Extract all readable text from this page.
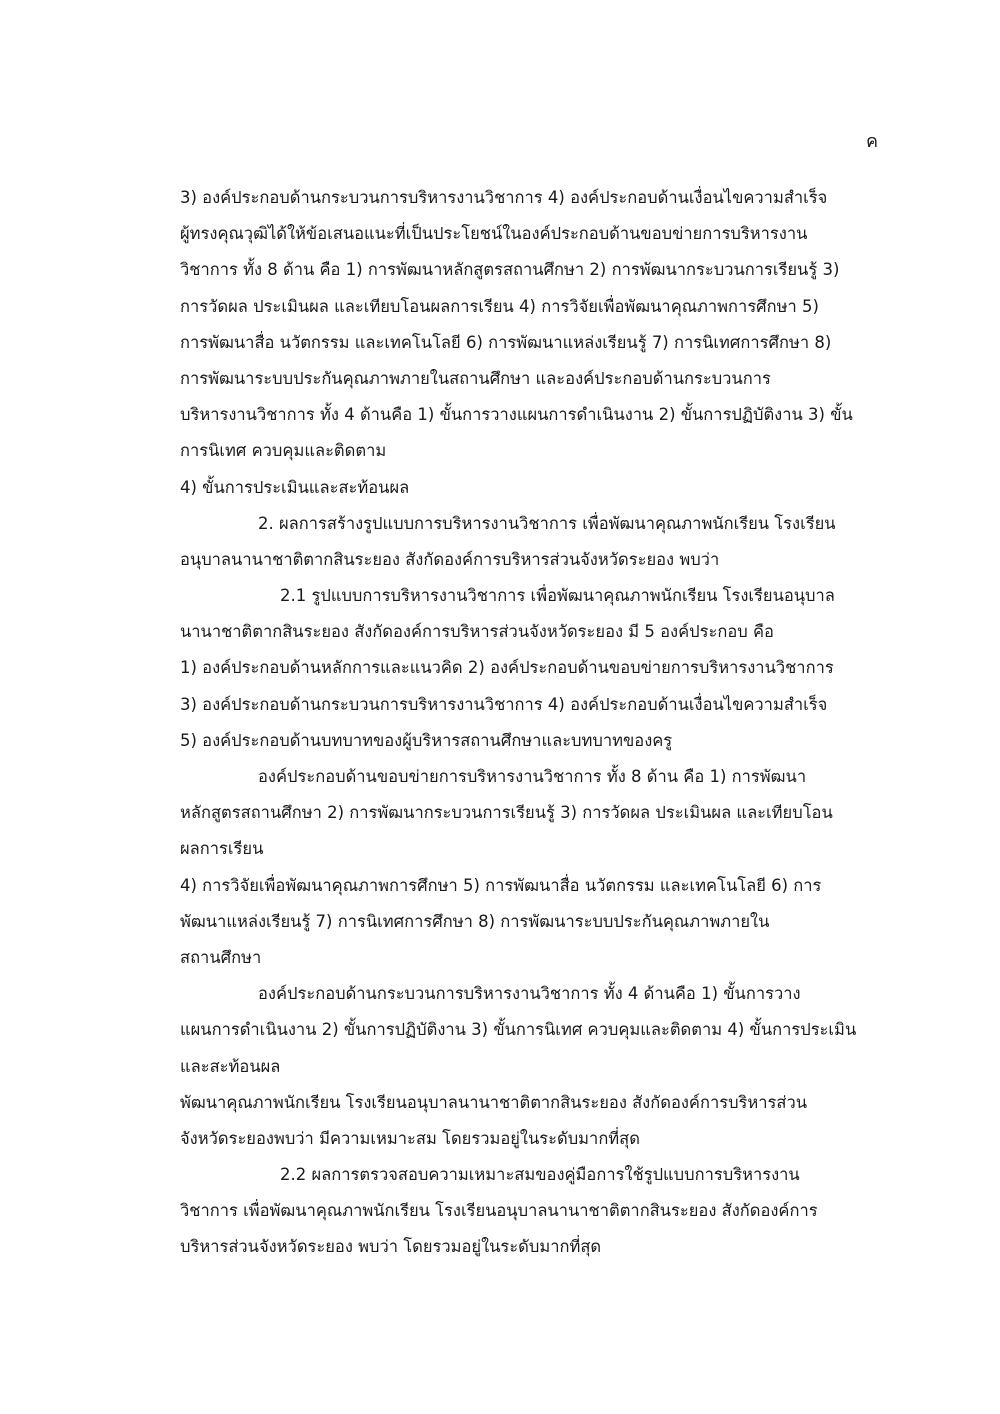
ค
3) องค์ประกอบด้านกระบวนการบริหารงานวิชาการ 4) องค์ประกอบด้านเงื่อนไขความสำเร็จ
ผู้ทรงคุณวุฒิได้ให้ข้อเสนอแนะที่เป็นประโยชน์ในองค์ประกอบด้านขอบข่ายการบริหารงาน
วิชาการ ทั้ง 8 ด้าน คือ 1) การพัฒนาหลักสูตรสถานศึกษา 2) การพัฒนากระบวนการเรียนรู้ 3)
การวัดผล ประเมินผล และเทียบโอนผลการเรียน 4) การวิจัยเพื่อพัฒนาคุณภาพการศึกษา 5)
การพัฒนาสื่อ นวัตกรรม และเทคโนโลยี 6) การพัฒนาแหล่งเรียนรู้ 7) การนิเทศการศึกษา 8)
การพัฒนาระบบประกันคุณภาพภายในสถานศึกษา และองค์ประกอบด้านกระบวนการ
บริหารงานวิชาการ ทั้ง 4 ด้านคือ 1) ขั้นการวางแผนการดำเนินงาน 2) ขั้นการปฏิบัติงาน 3) ขั้น
การนิเทศ ควบคุมและติดตาม
4) ขั้นการประเมินและสะท้อนผล
2. ผลการสร้างรูปแบบการบริหารงานวิชาการ เพื่อพัฒนาคุณภาพนักเรียน โรงเรียน
อนุบาลนานาชาติตากสินระยอง สังกัดองค์การบริหารส่วนจังหวัดระยอง พบว่า
2.1 รูปแบบการบริหารงานวิชาการ เพื่อพัฒนาคุณภาพนักเรียน โรงเรียนอนุบาล
นานาชาติตากสินระยอง สังกัดองค์การบริหารส่วนจังหวัดระยอง มี 5 องค์ประกอบ คือ
1) องค์ประกอบด้านหลักการและแนวคิด 2) องค์ประกอบด้านขอบข่ายการบริหารงานวิชาการ
3) องค์ประกอบด้านกระบวนการบริหารงานวิชาการ 4) องค์ประกอบด้านเงื่อนไขความสำเร็จ
5) องค์ประกอบด้านบทบาทของผู้บริหารสถานศึกษาและบทบาทของครู
องค์ประกอบด้านขอบข่ายการบริหารงานวิชาการ ทั้ง 8 ด้าน คือ 1) การพัฒนา
หลักสูตรสถานศึกษา 2) การพัฒนากระบวนการเรียนรู้ 3) การวัดผล ประเมินผล และเทียบโอน
ผลการเรียน
4) การวิจัยเพื่อพัฒนาคุณภาพการศึกษา 5) การพัฒนาสื่อ นวัตกรรม และเทคโนโลยี 6) การ
พัฒนาแหล่งเรียนรู้ 7) การนิเทศการศึกษา 8) การพัฒนาระบบประกันคุณภาพภายใน
สถานศึกษา
องค์ประกอบด้านกระบวนการบริหารงานวิชาการ ทั้ง 4 ด้านคือ 1) ขั้นการวาง
แผนการดำเนินงาน 2) ขั้นการปฏิบัติงาน 3) ขั้นการนิเทศ ควบคุมและติดตาม 4) ขั้นการประเมิน
และสะท้อนผล
พัฒนาคุณภาพนักเรียน โรงเรียนอนุบาลนานาชาติตากสินระยอง สังกัดองค์การบริหารส่วน
จังหวัดระยองพบว่า มีความเหมาะสม โดยรวมอยู่ในระดับมากที่สุด
2.2 ผลการตรวจสอบความเหมาะสมของคู่มือการใช้รูปแบบการบริหารงาน
วิชาการ เพื่อพัฒนาคุณภาพนักเรียน โรงเรียนอนุบาลนานาชาติตากสินระยอง สังกัดองค์การ
บริหารส่วนจังหวัดระยอง พบว่า โดยรวมอยู่ในระดับมากที่สุด
